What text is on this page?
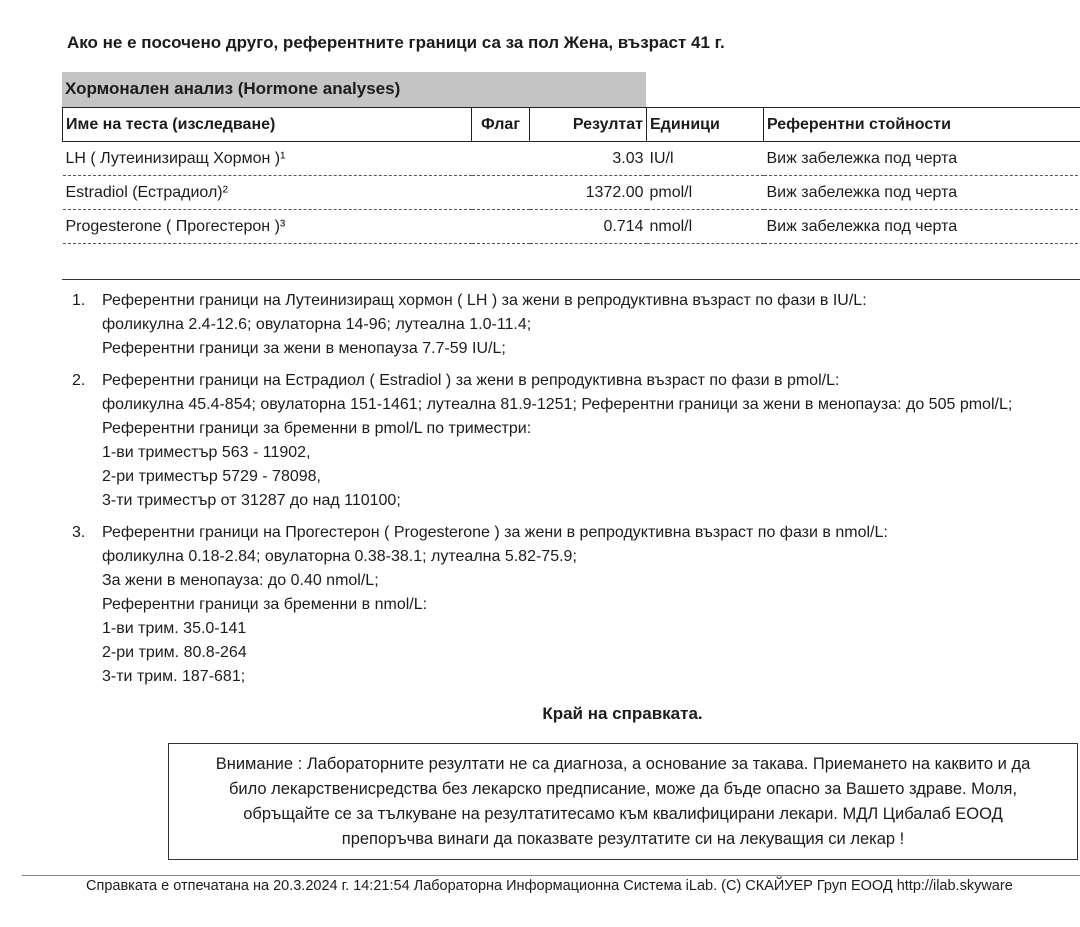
Ако не е посочено друго, референтните граници са за пол Жена, възраст 41 г.
Хормонален анализ (Hormone analyses)
Име на теста (изследване)	Флаг	Резултат	Единици	Референтни стойности
LH ( Лутеинизиращ Хормон )¹		3.03	IU/l	Виж забележка под черта
Estradiol (Естрадиол)²		1372.00	pmol/l	Виж забележка под черта
Progesterone ( Прогестерон )³		0.714	nmol/l	Виж забележка под черта
1.	Референтни граници на Лутеинизиращ хормон ( LH ) за жени в репродуктивна възраст по фази в IU/L:
фоликулна 2.4-12.6; овулаторна 14-96; лутеална 1.0-11.4;
Референтни граници за жени в менопауза 7.7-59 IU/L;
2.	Референтни граници на Естрадиол ( Estradiol ) за жени в репродуктивна възраст по фази в pmol/L:
фоликулна 45.4-854; овулаторна 151-1461; лутеална 81.9-1251; Референтни граници за жени в менопауза: до 505 pmol/L;
Референтни граници за бременни в pmol/L по триместри:
1-ви триместър 563 - 11902,
2-ри триместър 5729 - 78098,
3-ти триместър от 31287 до над 110100;
3.	Референтни граници на Прогестерон ( Progesterone ) за жени в репродуктивна възраст по фази в nmol/L:
фоликулна 0.18-2.84; овулаторна 0.38-38.1; лутеална 5.82-75.9;
За жени в менопауза: до 0.40 nmol/L;
Референтни граници за бременни в nmol/L:
1-ви трим. 35.0-141
2-ри трим. 80.8-264
3-ти трим. 187-681;
Край на справката.
Внимание : Лабораторните резултати не са диагноза, а основание за такава. Приемането на каквито и да
било лекарственисредства без лекарско предписание, може да бъде опасно за Вашето здраве. Моля,
обръщайте се за тълкуване на резултатитесамо към квалифицирани лекари. МДЛ Цибалаб ЕООД
препоръчва винаги да показвате резултатите си на лекуващия си лекар !
Справката е отпечатана на 20.3.2024 г. 14:21:54 Лабораторна Информационна Система iLab. (C) СКАЙУЕР Груп ЕООД http://ilab.skyware
